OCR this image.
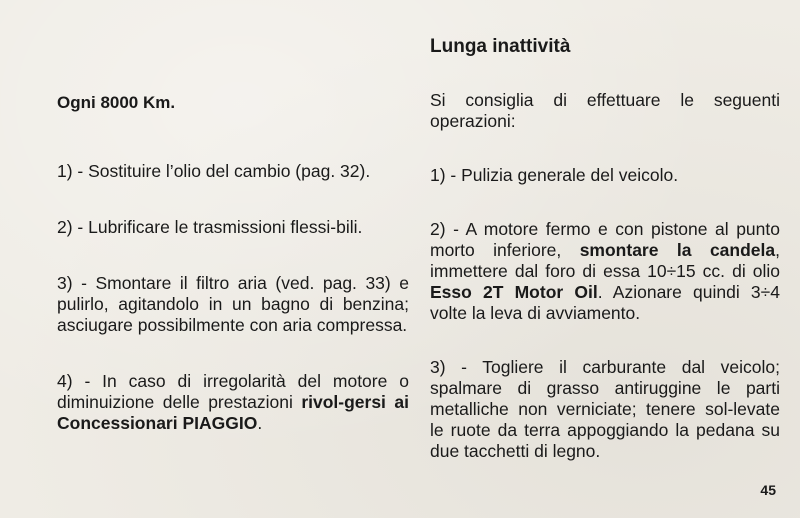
Ogni 8000 Km.

1) - Sostituire l’olio del cambio (pag. 32).

2) - Lubrificare le trasmissioni flessi-bili.

3) - Smontare il filtro aria (ved. pag. 33) e pulirlo, agitandolo in un bagno di benzina; asciugare possibilmente con aria compressa.

4) - In caso di irregolarità del motore o diminuizione delle prestazioni rivol-gersi ai Concessionari PIAGGIO.

Lunga inattività

Si consiglia di effettuare le seguenti operazioni:

1) - Pulizia generale del veicolo.

2) - A motore fermo e con pistone al punto morto inferiore, smontare la candela, immettere dal foro di essa 10÷15 cc. di olio Esso 2T Motor Oil. Azionare quindi 3÷4 volte la leva di avviamento.

3) - Togliere il carburante dal veicolo; spalmare di grasso antiruggine le parti metalliche non verniciate; tenere sol-levate le ruote da terra appoggiando la pedana su due tacchetti di legno.

45
